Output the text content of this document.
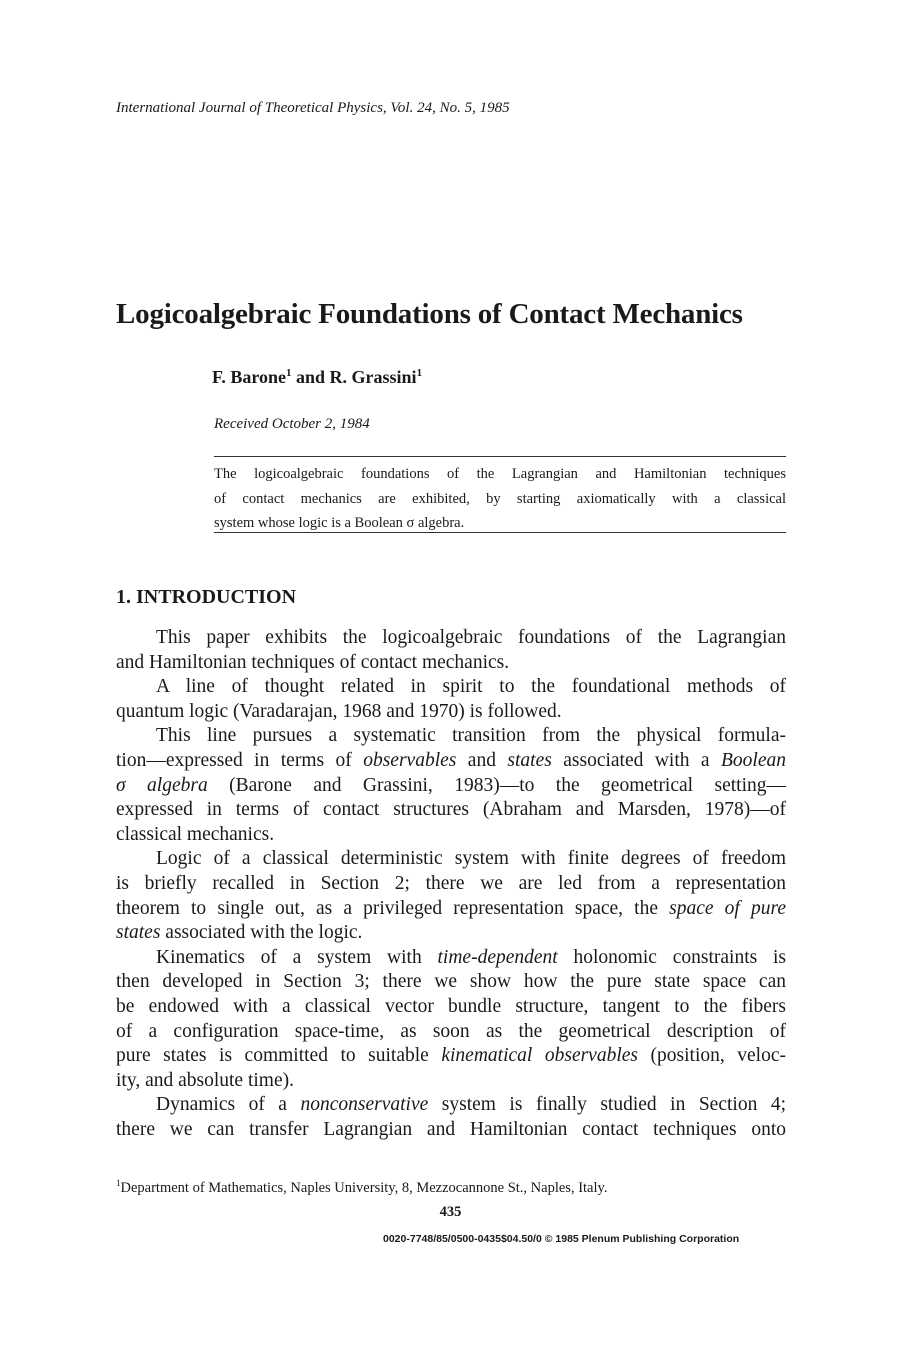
International Journal of Theoretical Physics, Vol. 24, No. 5, 1985
Logicoalgebraic Foundations of Contact Mechanics
F. Barone$^1$ and R. Grassini$^1$
Received October 2, 1984
The logicoalgebraic foundations of the Lagrangian and Hamiltonian techniques
of contact mechanics are exhibited, by starting axiomatically with a classical
system whose logic is a Boolean σ algebra.
1. INTRODUCTION
This paper exhibits the logicoalgebraic foundations of the Lagrangian
and Hamiltonian techniques of contact mechanics.
A line of thought related in spirit to the foundational methods of
quantum logic (Varadarajan, 1968 and 1970) is followed.
This line pursues a systematic transition from the physical formula-
tion—expressed in terms of observables and states associated with a Boolean
σ algebra (Barone and Grassini, 1983)—to the geometrical setting—
expressed in terms of contact structures (Abraham and Marsden, 1978)—of
classical mechanics.
Logic of a classical deterministic system with finite degrees of freedom
is briefly recalled in Section 2; there we are led from a representation
theorem to single out, as a privileged representation space, the space of pure
states associated with the logic.
Kinematics of a system with time-dependent holonomic constraints is
then developed in Section 3; there we show how the pure state space can
be endowed with a classical vector bundle structure, tangent to the fibers
of a configuration space-time, as soon as the geometrical description of
pure states is committed to suitable kinematical observables (position, veloc-
ity, and absolute time).
Dynamics of a nonconservative system is finally studied in Section 4;
there we can transfer Lagrangian and Hamiltonian contact techniques onto
$^1$Department of Mathematics, Naples University, 8, Mezzocannone St., Naples, Italy.
435
0020-7748/85/0500-0435$04.50/0 © 1985 Plenum Publishing Corporation
